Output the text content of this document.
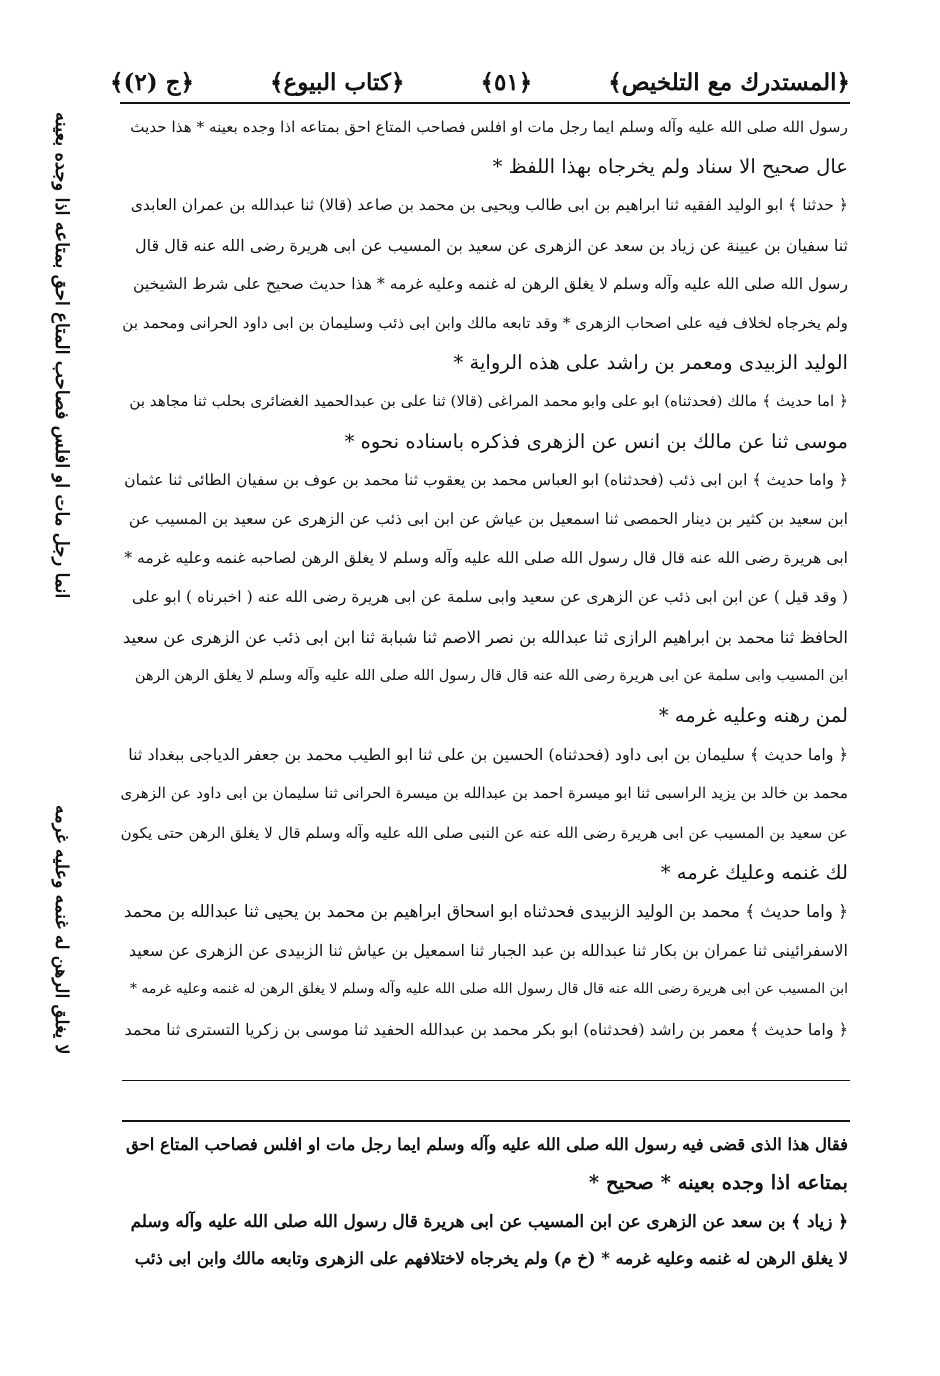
﴿المستدرك مع التلخيص﴾
﴿٥١﴾
﴿كتاب البيوع﴾
﴿ج (٢)﴾

رسول الله صلى الله عليه وآله وسلم ايما رجل مات او افلس فصاحب المتاع احق بمتاعه اذا وجده بعينه * هذا حديث

عال صحيح الا سناد ولم يخرجاه بهذا اللفظ *

﴿ حدثنا ﴾ ابو الوليد الفقيه ثنا ابراهيم بن ابى طالب ويحيى بن محمد بن صاعد (قالا) ثنا عبدالله بن عمران العابدى

ثنا سفيان بن عيينة عن زياد بن سعد عن الزهرى عن سعيد بن المسيب عن ابى هريرة رضى الله عنه قال قال

رسول الله صلى الله عليه وآله وسلم لا يغلق الرهن له غنمه وعليه غرمه * هذا حديث صحيح على شرط الشيخين

ولم يخرجاه لخلاف فيه على اصحاب الزهرى * وقد تابعه مالك وابن ابى ذئب وسليمان بن ابى داود الحرانى ومحمد بن

الوليد الزبيدى ومعمر بن راشد على هذه الرواية *

﴿ اما حديث ﴾ مالك (فحدثناه) ابو على وابو محمد المراغى (قالا) ثنا على بن عبدالحميد الغضائرى بحلب ثنا مجاهد بن

موسى ثنا عن مالك بن انس عن الزهرى فذكره باسناده نحوه *

﴿ واما حديث ﴾ ابن ابى ذئب (فحدثناه) ابو العباس محمد بن يعقوب ثنا محمد بن عوف بن سفيان الطائى ثنا عثمان

ابن سعيد بن كثير بن دينار الحمصى ثنا اسمعيل بن عياش عن ابن ابى ذئب عن الزهرى عن سعيد بن المسيب عن

ابى هريرة رضى الله عنه قال قال رسول الله صلى الله عليه وآله وسلم لا يغلق الرهن لصاحبه غنمه وعليه غرمه *

( وقد قيل ) عن ابن ابى ذئب عن الزهرى عن سعيد وابى سلمة عن ابى هريرة رضى الله عنه ( اخبرناه ) ابو على

الحافظ ثنا محمد بن ابراهيم الرازى ثنا عبدالله بن نصر الاصم ثنا شبابة ثنا ابن ابى ذئب عن الزهرى عن سعيد

ابن المسيب وابى سلمة عن ابى هريرة رضى الله عنه قال قال رسول الله صلى الله عليه وآله وسلم لا يغلق الرهن الرهن

لمن رهنه وعليه غرمه *

﴿ واما حديث ﴾ سليمان بن ابى داود (فحدثناه) الحسين بن على ثنا ابو الطيب محمد بن جعفر الدياجى ببغداد ثنا

محمد بن خالد بن يزيد الراسبى ثنا ابو ميسرة احمد بن عبدالله بن ميسرة الحرانى ثنا سليمان بن ابى داود عن الزهرى

عن سعيد بن المسيب عن ابى هريرة رضى الله عنه عن النبى صلى الله عليه وآله وسلم قال لا يغلق الرهن حتى يكون

لك غنمه وعليك غرمه *

﴿ واما حديث ﴾ محمد بن الوليد الزبيدى فحدثناه ابو اسحاق ابراهيم بن محمد بن يحيى ثنا عبدالله بن محمد

الاسفرائينى ثنا عمران بن بكار ثنا عبدالله بن عبد الجبار ثنا اسمعيل بن عياش ثنا الزبيدى عن الزهرى عن سعيد

ابن المسيب عن ابى هريرة رضى الله عنه قال قال رسول الله صلى الله عليه وآله وسلم لا يغلق الرهن له غنمه وعليه غرمه *

﴿ واما حديث ﴾ معمر بن راشد (فحدثناه) ابو بكر محمد بن عبدالله الحفيد ثنا موسى بن زكريا التسترى ثنا محمد

انما رجل مات او افلس فصاحب المتاع احق بمتاعه اذا وجده بعينه
لا يغلق الرهن له غنمه وعليه غرمه

فقال هذا الذى قضى فيه رسول الله صلى الله عليه وآله وسلم ايما رجل مات او افلس فصاحب المتاع احق

بمتاعه اذا وجده بعينه * صحيح *

﴿ زياد ﴾ بن سعد عن الزهرى عن ابن المسيب عن ابى هريرة قال رسول الله صلى الله عليه وآله وسلم

لا يغلق الرهن له غنمه وعليه غرمه * (خ م) ولم يخرجاه لاختلافهم على الزهرى وتابعه مالك وابن ابى ذئب
